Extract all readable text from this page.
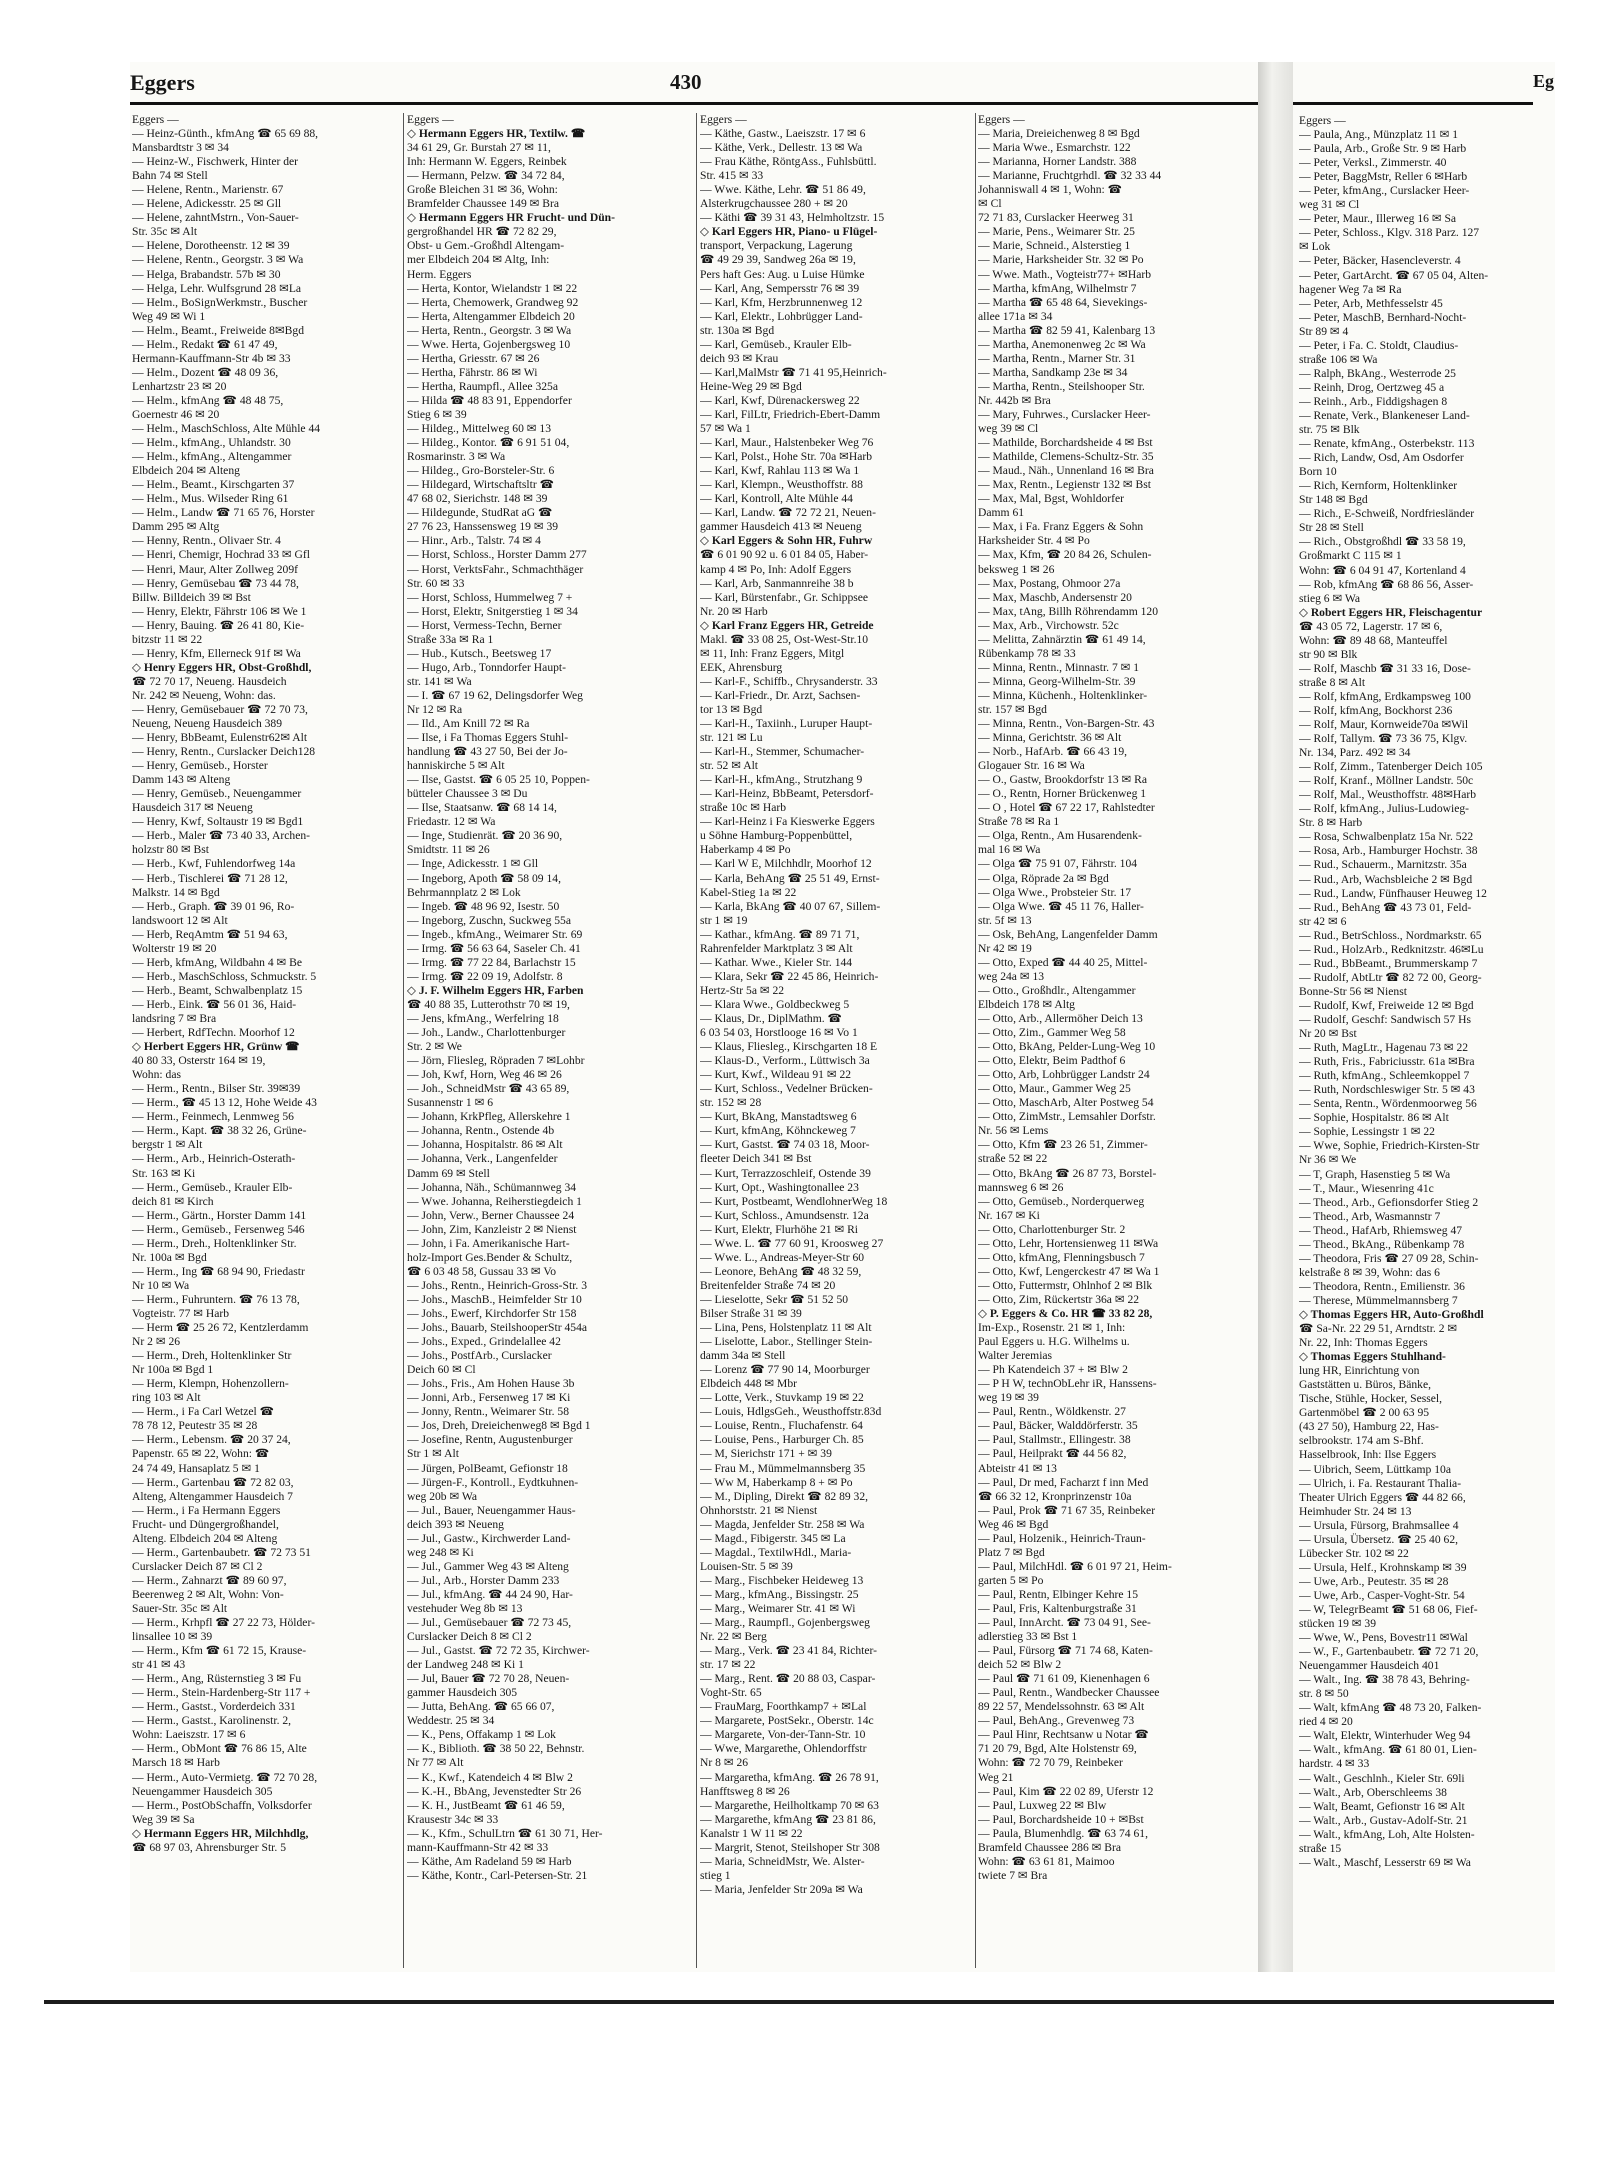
Eggers	430
Eggers —
— Heinz-Günth., kfmAng ☎ 65 69 88,
Mansbardtstr 3 ✉ 34
— Heinz-W., Fischwerk, Hinter der
Bahn 74 ✉ Stell
— Helene, Rentn., Marienstr. 67
— Helene, Adickesstr. 25 ✉ Gll
— Helene, zahntMstrn., Von-Sauer-
Str. 35c ✉ Alt
— Helene, Dorotheenstr. 12 ✉ 39
— Helene, Rentn., Georgstr. 3 ✉ Wa
— Helga, Brabandstr. 57b ✉ 30
— Helga, Lehr. Wulfsgrund 28 ✉La
— Helm., BoSignWerkmstr., Buscher
Weg 49 ✉ Wi 1
— Helm., Beamt., Freiweide 8✉Bgd
— Helm., Redakt ☎ 61 47 49,
Hermann-Kauffmann-Str 4b ✉ 33
— Helm., Dozent ☎ 48 09 36,
Lenhartzstr 23 ✉ 20
— Helm., kfmAng ☎ 48 48 75,
Goernestr 46 ✉ 20
— Helm., MaschSchloss, Alte Mühle 44
— Helm., kfmAng., Uhlandstr. 30
— Helm., kfmAng., Altengammer
Elbdeich 204 ✉ Alteng
— Helm., Beamt., Kirschgarten 37
— Helm., Mus. Wilseder Ring 61
— Helm., Landw ☎ 71 65 76, Horster
Damm 295 ✉ Altg
— Henny, Rentn., Olivaer Str. 4
— Henri, Chemigr, Hochrad 33 ✉ Gfl
— Henri, Maur, Alter Zollweg 209f
— Henry, Gemüsebau ☎ 73 44 78,
Billw. Billdeich 39 ✉ Bst
— Henry, Elektr, Fährstr 106 ✉ We 1
— Henry, Bauing. ☎ 26 41 80, Kie-
bitzstr 11 ✉ 22
— Henry, Kfm, Ellerneck 91f ✉ Wa
◇ Henry Eggers HR, Obst-Großhdl,
☎ 72 70 17, Neueng. Hausdeich
Nr. 242 ✉ Neueng, Wohn: das.
— Henry, Gemüsebauer ☎ 72 70 73,
Neueng, Neueng Hausdeich 389
— Henry, BbBeamt, Eulenstr62✉ Alt
— Henry, Rentn., Curslacker Deich128
— Henry, Gemüseb., Horster
Damm 143 ✉ Alteng
— Henry, Gemüseb., Neuengammer
Hausdeich 317 ✉ Neueng
— Henry, Kwf, Soltaustr 19 ✉ Bgd1
— Herb., Maler ☎ 73 40 33, Archen-
holzstr 80 ✉ Bst
— Herb., Kwf, Fuhlendorfweg 14a
— Herb., Tischlerei ☎ 71 28 12,
Malkstr. 14 ✉ Bgd
— Herb., Graph. ☎ 39 01 96, Ro-
landswoort 12 ✉ Alt
— Herb, ReqAmtm ☎ 51 94 63,
Wolterstr 19 ✉ 20
— Herb, kfmAng, Wildbahn 4 ✉ Be
— Herb., MaschSchloss, Schmuckstr. 5
— Herb., Beamt, Schwalbenplatz 15
— Herb., Eink. ☎ 56 01 36, Haid-
landsring 7 ✉ Bra
— Herbert, RdfTechn. Moorhof 12
◇ Herbert Eggers HR, Grünw ☎
40 80 33, Osterstr 164 ✉ 19,
Wohn: das
— Herm., Rentn., Bilser Str. 39✉39
— Herm., ☎ 45 13 12, Hohe Weide 43
— Herm., Feinmech, Lenmweg 56
— Herm., Kapt. ☎ 38 32 26, Grüne-
bergstr 1 ✉ Alt
— Herm., Arb., Heinrich-Osterath-
Str. 163 ✉ Ki
— Herm., Gemüseb., Krauler Elb-
deich 81 ✉ Kirch
— Herm., Gärtn., Horster Damm 141
— Herm., Gemüseb., Fersenweg 546
— Herm., Dreh., Holtenklinker Str.
Nr. 100a ✉ Bgd
— Herm., Ing ☎ 68 94 90, Friedastr
Nr 10 ✉ Wa
— Herm., Fuhruntern. ☎ 76 13 78,
Vogteistr. 77 ✉ Harb
— Herm ☎ 25 26 72, Kentzlerdamm
Nr 2 ✉ 26
— Herm., Dreh, Holtenklinker Str
Nr 100a ✉ Bgd 1
— Herm, Klempn, Hohenzollern-
ring 103 ✉ Alt
— Herm., i Fa Carl Wetzel ☎
78 78 12, Peutestr 35 ✉ 28
— Herm., Lebensm. ☎ 20 37 24,
Papenstr. 65 ✉ 22, Wohn: ☎
24 74 49, Hansaplatz 5 ✉ 1
— Herm., Gartenbau ☎ 72 82 03,
Alteng, Altengammer Hausdeich 7
— Herm., i Fa Hermann Eggers
Frucht- und Düngergroßhandel,
Alteng. Elbdeich 204 ✉ Alteng
— Herm., Gartenbaubetr. ☎ 72 73 51
Curslacker Deich 87 ✉ Cl 2
— Herm., Zahnarzt ☎ 89 60 97,
Beerenweg 2 ✉ Alt, Wohn: Von-
Sauer-Str. 35c ✉ Alt
— Herm., Krhpfl ☎ 27 22 73, Hölder-
linsallee 10 ✉ 39
— Herm., Kfm ☎ 61 72 15, Krause-
str 41 ✉ 43
— Herm., Ang, Rüsternstieg 3 ✉ Fu
— Herm., Stein-Hardenberg-Str 117 +
— Herm., Gastst., Vorderdeich 331
— Herm., Gastst., Karolinenstr. 2,
Wohn: Laeiszstr. 17 ✉ 6
— Herm., ObMont ☎ 76 86 15, Alte
Marsch 18 ✉ Harb
— Herm., Auto-Vermietg. ☎ 72 70 28,
Neuengammer Hausdeich 305
— Herm., PostObSchaffn, Volksdorfer
Weg 39 ✉ Sa
◇ Hermann Eggers HR, Milchhdlg,
☎ 68 97 03, Ahrensburger Str. 5
Eggers —
◇ Hermann Eggers HR, Textilw. ☎
34 61 29, Gr. Burstah 27 ✉ 11,
Inh: Hermann W. Eggers, Reinbek
— Hermann, Pelzw. ☎ 34 72 84,
Große Bleichen 31 ✉ 36, Wohn:
Bramfelder Chaussee 149 ✉ Bra
◇ Hermann Eggers HR Frucht- und Dün-
gergroßhandel HR ☎ 72 82 29,
Obst- u Gem.-Großhdl Altengam-
mer Elbdeich 204 ✉ Altg, Inh:
Herm. Eggers
— Herta, Kontor, Wielandstr 1 ✉ 22
— Herta, Chemowerk, Grandweg 92
— Herta, Altengammer Elbdeich 20
— Herta, Rentn., Georgstr. 3 ✉ Wa
— Wwe. Herta, Gojenbergsweg 10
— Hertha, Griesstr. 67 ✉ 26
— Hertha, Fährstr. 86 ✉ Wi
— Hertha, Raumpfl., Allee 325a
— Hilda ☎ 48 83 91, Eppendorfer
Stieg 6 ✉ 39
— Hildeg., Mittelweg 60 ✉ 13
— Hildeg., Kontor. ☎ 6 91 51 04,
Rosmarinstr. 3 ✉ Wa
— Hildeg., Gro-Borsteler-Str. 6
— Hildegard, Wirtschaftsltr ☎
47 68 02, Sierichstr. 148 ✉ 39
— Hildegunde, StudRat aG ☎
27 76 23, Hanssensweg 19 ✉ 39
— Hinr., Arb., Talstr. 74 ✉ 4
— Horst, Schloss., Horster Damm 277
— Horst, VerktsFahr., Schmachthäger
Str. 60 ✉ 33
— Horst, Schloss, Hummelweg 7 +
— Horst, Elektr, Snitgerstieg 1 ✉ 34
— Horst, Vermess-Techn, Berner
Straße 33a ✉ Ra 1
— Hub., Kutsch., Beetsweg 17
— Hugo, Arb., Tonndorfer Haupt-
str. 141 ✉ Wa
— I. ☎ 67 19 62, Delingsdorfer Weg
Nr 12 ✉ Ra
— Ild., Am Knill 72 ✉ Ra
— Ilse, i Fa Thomas Eggers Stuhl-
handlung ☎ 43 27 50, Bei der Jo-
hanniskirche 5 ✉ Alt
— Ilse, Gastst. ☎ 6 05 25 10, Poppen-
bütteler Chaussee 3 ✉ Du
— Ilse, Staatsanw. ☎ 68 14 14,
Friedastr. 12 ✉ Wa
— Inge, Studienrät. ☎ 20 36 90,
Smidtstr. 11 ✉ 26
— Inge, Adickesstr. 1 ✉ Gll
— Ingeborg, Apoth ☎ 58 09 14,
Behrmannplatz 2 ✉ Lok
— Ingeb. ☎ 48 96 92, Isestr. 50
— Ingeborg, Zuschn, Suckweg 55a
— Ingeb., kfmAng., Weimarer Str. 69
— Irmg. ☎ 56 63 64, Saseler Ch. 41
— Irmg. ☎ 77 22 84, Barlachstr 15
— Irmg. ☎ 22 09 19, Adolfstr. 8
◇ J. F. Wilhelm Eggers HR, Farben
☎ 40 88 35, Lutterothstr 70 ✉ 19,
— Jens, kfmAng., Werfelring 18
— Joh., Landw., Charlottenburger
Str. 2 ✉ We
— Jörn, Fliesleg, Röpraden 7 ✉Lohbr
— Joh, Kwf, Horn, Weg 46 ✉ 26
— Joh., SchneidMstr ☎ 43 65 89,
Susannenstr 1 ✉ 6
— Johann, KrkPfleg, Allerskehre 1
— Johanna, Rentn., Ostende 4b
— Johanna, Hospitalstr. 86 ✉ Alt
— Johanna, Verk., Langenfelder
Damm 69 ✉ Stell
— Johanna, Näh., Schümannweg 34
— Wwe. Johanna, Reiherstiegdeich 1
— John, Verw., Berner Chaussee 24
— John, Zim, Kanzleistr 2 ✉ Nienst
— John, i Fa. Amerikanische Hart-
holz-Import Ges.Bender & Schultz,
☎ 6 03 48 58, Gussau 33 ✉ Vo
— Johs., Rentn., Heinrich-Gross-Str. 3
— Johs., MaschB., Heimfelder Str 10
— Johs., Ewerf, Kirchdorfer Str 158
— Johs., Bauarb, SteilshooperStr 454a
— Johs., Exped., Grindelallee 42
— Johs., PostfArb., Curslacker
Deich 60 ✉ Cl
— Johs., Fris., Am Hohen Hause 3b
— Jonni, Arb., Fersenweg 17 ✉ Ki
— Jonny, Rentn., Weimarer Str. 58
— Jos, Dreh, Dreieichenweg8 ✉ Bgd 1
— Josefine, Rentn, Augustenburger
Str 1 ✉ Alt
— Jürgen, PolBeamt, Gefionstr 18
— Jürgen-F., Kontroll., Eydtkuhnen-
weg 20b ✉ Wa
— Jul., Bauer, Neuengammer Haus-
deich 393 ✉ Neueng
— Jul., Gastw., Kirchwerder Land-
weg 248 ✉ Ki
— Jul., Gammer Weg 43 ✉ Alteng
— Jul., Arb., Horster Damm 233
— Jul., kfmAng. ☎ 44 24 90, Har-
vestehuder Weg 8b ✉ 13
— Jul., Gemüsebauer ☎ 72 73 45,
Curslacker Deich 8 ✉ Cl 2
— Jul., Gastst. ☎ 72 72 35, Kirchwer-
der Landweg 248 ✉ Ki 1
— Jul, Bauer ☎ 72 70 28, Neuen-
gammer Hausdeich 305
— Jutta, BehAng. ☎ 65 66 07,
Weddestr. 25 ✉ 34
— K., Pens, Offakamp 1 ✉ Lok
— K., Biblioth. ☎ 38 50 22, Behnstr.
Nr 77 ✉ Alt
— K., Kwf., Katendeich 4 ✉ Blw 2
— K.-H., BbAng, Jevenstedter Str 26
— K. H., JustBeamt ☎ 61 46 59,
Krausestr 34c ✉ 33
— K., Kfm., SchulLtrn ☎ 61 30 71, Her-
mann-Kauffmann-Str 42 ✉ 33
— Käthe, Am Radeland 59 ✉ Harb
— Käthe, Kontr., Carl-Petersen-Str. 21
Eggers —
— Käthe, Gastw., Laeiszstr. 17 ✉ 6
— Käthe, Verk., Dellestr. 13 ✉ Wa
— Frau Käthe, RöntgAss., Fuhlsbüttl.
Str. 415 ✉ 33
— Wwe. Käthe, Lehr. ☎ 51 86 49,
Alsterkrugchaussee 280 + ✉ 20
— Käthi ☎ 39 31 43, Helmholtzstr. 15
◇ Karl Eggers HR, Piano- u Flügel-
transport, Verpackung, Lagerung
☎ 49 29 39, Sandweg 26a ✉ 19,
Pers haft Ges: Aug. u Luise Hümke
— Karl, Ang, Sempersstr 76 ✉ 39
— Karl, Kfm, Herzbrunnenweg 12
— Karl, Elektr., Lohbrügger Land-
str. 130a ✉ Bgd
— Karl, Gemüseb., Krauler Elb-
deich 93 ✉ Krau
— Karl,MalMstr ☎ 71 41 95,Heinrich-
Heine-Weg 29 ✉ Bgd
— Karl, Kwf, Dürenackersweg 22
— Karl, FilLtr, Friedrich-Ebert-Damm
57 ✉ Wa 1
— Karl, Maur., Halstenbeker Weg 76
— Karl, Polst., Hohe Str. 70a ✉Harb
— Karl, Kwf, Rahlau 113 ✉ Wa 1
— Karl, Klempn., Weusthoffstr. 88
— Karl, Kontroll, Alte Mühle 44
— Karl, Landw. ☎ 72 72 21, Neuen-
gammer Hausdeich 413 ✉ Neueng
◇ Karl Eggers & Sohn HR, Fuhrw
☎ 6 01 90 92 u. 6 01 84 05, Haber-
kamp 4 ✉ Po, Inh: Adolf Eggers
— Karl, Arb, Sanmannreihe 38 b
— Karl, Bürstenfabr., Gr. Schippsee
Nr. 20 ✉ Harb
◇ Karl Franz Eggers HR, Getreide
Makl. ☎ 33 08 25, Ost-West-Str.10
✉ 11, Inh: Franz Eggers, Mitgl
EEK, Ahrensburg
— Karl-F., Schiffb., Chrysanderstr. 33
— Karl-Friedr., Dr. Arzt, Sachsen-
tor 13 ✉ Bgd
— Karl-H., Taxiinh., Luruper Haupt-
str. 121 ✉ Lu
— Karl-H., Stemmer, Schumacher-
str. 52 ✉ Alt
— Karl-H., kfmAng., Strutzhang 9
— Karl-Heinz, BbBeamt, Petersdorf-
straße 10c ✉ Harb
— Karl-Heinz i Fa Kieswerke Eggers
u Söhne Hamburg-Poppenbüttel,
Haberkamp 4 ✉ Po
— Karl W E, Milchhdlr, Moorhof 12
— Karla, BehAng ☎ 25 51 49, Ernst-
Kabel-Stieg 1a ✉ 22
— Karla, BkAng ☎ 40 07 67, Sillem-
str 1 ✉ 19
— Kathar., kfmAng. ☎ 89 71 71,
Rahrenfelder Marktplatz 3 ✉ Alt
— Kathar. Wwe., Kieler Str. 144
— Klara, Sekr ☎ 22 45 86, Heinrich-
Hertz-Str 5a ✉ 22
— Klara Wwe., Goldbeckweg 5
— Klaus, Dr., DiplMathm. ☎
6 03 54 03, Horstlooge 16 ✉ Vo 1
— Klaus, Fliesleg., Kirschgarten 18 E
— Klaus-D., Verform., Lüttwisch 3a
— Kurt, Kwf., Wildeau 91 ✉ 22
— Kurt, Schloss., Vedelner Brücken-
str. 152 ✉ 28
— Kurt, BkAng, Manstadtsweg 6
— Kurt, kfmAng, Köhnckeweg 7
— Kurt, Gastst. ☎ 74 03 18, Moor-
fleeter Deich 341 ✉ Bst
— Kurt, Terrazzoschleif, Ostende 39
— Kurt, Opt., Washingtonallee 23
— Kurt, Postbeamt, WendlohnerWeg 18
— Kurt, Schloss., Amundsenstr. 12a
— Kurt, Elektr, Flurhöhe 21 ✉ Ri
— Wwe. L. ☎ 77 60 91, Kroosweg 27
— Wwe. L., Andreas-Meyer-Str 60
— Leonore, BehAng ☎ 48 32 59,
Breitenfelder Straße 74 ✉ 20
— Lieselotte, Sekr ☎ 51 52 50
Bilser Straße 31 ✉ 39
— Lina, Pens, Holstenplatz 11 ✉ Alt
— Liselotte, Labor., Stellinger Stein-
damm 34a ✉ Stell
— Lorenz ☎ 77 90 14, Moorburger
Elbdeich 448 ✉ Mbr
— Lotte, Verk., Stuvkamp 19 ✉ 22
— Louis, HdlgsGeh., Weusthoffstr.83d
— Louise, Rentn., Fluchafenstr. 64
— Louise, Pens., Harburger Ch. 85
— M, Sierichstr 171 + ✉ 39
— Frau M., Mümmelmannsberg 35
— Ww M, Haberkamp 8 + ✉ Po
— M., Dipling, Direkt ☎ 82 89 32,
Ohnhorststr. 21 ✉ Nienst
— Magda, Jenfelder Str. 258 ✉ Wa
— Magd., Fibigerstr. 345 ✉ La
— Magdal., TextilwHdl., Maria-
Louisen-Str. 5 ✉ 39
— Marg., Fischbeker Heideweg 13
— Marg., kfmAng., Bissingstr. 25
— Marg., Weimarer Str. 41 ✉ Wi
— Marg., Raumpfl., Gojenbergsweg
Nr. 22 ✉ Berg
— Marg., Verk. ☎ 23 41 84, Richter-
str. 17 ✉ 22
— Marg., Rent. ☎ 20 88 03, Caspar-
Voght-Str. 65
— FrauMarg, Foorthkamp7 + ✉Lal
— Margarete, PostSekr., Oberstr. 14c
— Margarete, Von-der-Tann-Str. 10
— Wwe, Margarethe, Ohlendorffstr
Nr 8 ✉ 26
— Margaretha, kfmAng. ☎ 26 78 91,
Hanfftsweg 8 ✉ 26
— Margarethe, Heilholtkamp 70 ✉ 63
— Margarethe, kfmAng ☎ 23 81 86,
Kanalstr 1 W 11 ✉ 22
— Margrit, Stenot, Steilshoper Str 308
— Maria, SchneidMstr, We. Alster-
stieg 1
— Maria, Jenfelder Str 209a ✉ Wa
Eggers —
— Maria, Dreieichenweg 8 ✉ Bgd
— Maria Wwe., Esmarchstr. 122
— Marianna, Horner Landstr. 388
— Marianne, Fruchtgrhdl. ☎ 32 33 44
Johanniswall 4 ✉ 1, Wohn: ☎
✉ Cl
72 71 83, Curslacker Heerweg 31
— Marie, Pens., Weimarer Str. 25
— Marie, Schneid., Alsterstieg 1
— Marie, Harksheider Str. 32 ✉ Po
— Wwe. Math., Vogteistr77+ ✉Harb
— Martha, kfmAng, Wilhelmstr 7
— Martha ☎ 65 48 64, Sievekings-
allee 171a ✉ 34
— Martha ☎ 82 59 41, Kalenbarg 13
— Martha, Anemonenweg 2c ✉ Wa
— Martha, Rentn., Marner Str. 31
— Martha, Sandkamp 23e ✉ 34
— Martha, Rentn., Steilshooper Str.
Nr. 442b ✉ Bra
— Mary, Fuhrwes., Curslacker Heer-
weg 39 ✉ Cl
— Mathilde, Borchardsheide 4 ✉ Bst
— Mathilde, Clemens-Schultz-Str. 35
— Maud., Näh., Unnenland 16 ✉ Bra
— Max, Rentn., Legienstr 132 ✉ Bst
— Max, Mal, Bgst, Wohldorfer
Damm 61
— Max, i Fa. Franz Eggers & Sohn
Harksheider Str. 4 ✉ Po
— Max, Kfm, ☎ 20 84 26, Schulen-
beksweg 1 ✉ 26
— Max, Postang, Ohmoor 27a
— Max, Maschb, Andersenstr 20
— Max, tAng, Billh Röhrendamm 120
— Max, Arb., Virchowstr. 52c
— Melitta, Zahnärztin ☎ 61 49 14,
Rübenkamp 78 ✉ 33
— Minna, Rentn., Minnastr. 7 ✉ 1
— Minna, Georg-Wilhelm-Str. 39
— Minna, Küchenh., Holtenklinker-
str. 157 ✉ Bgd
— Minna, Rentn., Von-Bargen-Str. 43
— Minna, Gerichtstr. 36 ✉ Alt
— Norb., HafArb. ☎ 66 43 19,
Glogauer Str. 16 ✉ Wa
— O., Gastw, Brookdorfstr 13 ✉ Ra
— O., Rentn, Horner Brückenweg 1
— O , Hotel ☎ 67 22 17, Rahlstedter
Straße 78 ✉ Ra 1
— Olga, Rentn., Am Husarendenk-
mal 16 ✉ Wa
— Olga ☎ 75 91 07, Fährstr. 104
— Olga, Röprade 2a ✉ Bgd
— Olga Wwe., Probsteier Str. 17
— Olga Wwe. ☎ 45 11 76, Haller-
str. 5f ✉ 13
— Osk, BehAng, Langenfelder Damm
Nr 42 ✉ 19
— Otto, Exped ☎ 44 40 25, Mittel-
weg 24a ✉ 13
— Otto., Großhdlr., Altengammer
Elbdeich 178 ✉ Altg
— Otto, Arb., Allermöher Deich 13
— Otto, Zim., Gammer Weg 58
— Otto, BkAng, Pelder-Lung-Weg 10
— Otto, Elektr, Beim Padthof 6
— Otto, Arb, Lohbrügger Landstr 24
— Otto, Maur., Gammer Weg 25
— Otto, MaschArb, Alter Postweg 54
— Otto, ZimMstr., Lemsahler Dorfstr.
Nr. 56 ✉ Lems
— Otto, Kfm ☎ 23 26 51, Zimmer-
straße 52 ✉ 22
— Otto, BkAng ☎ 26 87 73, Borstel-
mannsweg 6 ✉ 26
— Otto, Gemüseb., Norderquerweg
Nr. 167 ✉ Ki
— Otto, Charlottenburger Str. 2
— Otto, Lehr, Hortensienweg 11 ✉Wa
— Otto, kfmAng, Flenningsbusch 7
— Otto, Kwf, Lengerckestr 47 ✉ Wa 1
— Otto, Futtermstr, Ohlnhof 2 ✉ Blk
— Otto, Zim, Rückertstr 36a ✉ 22
◇ P. Eggers & Co. HR ☎ 33 82 28,
Im-Exp., Rosenstr. 21 ✉ 1, Inh:
Paul Eggers u. H.G. Wilhelms u.
Walter Jeremias
— Ph Katendeich 37 + ✉ Blw 2
— P H W, technObLehr iR, Hanssens-
weg 19 ✉ 39
— Paul, Rentn., Wöldkenstr. 27
— Paul, Bäcker, Walddörferstr. 35
— Paul, Stallmstr., Ellingestr. 38
— Paul, Heilprakt ☎ 44 56 82,
Abteistr 41 ✉ 13
— Paul, Dr med, Facharzt f inn Med
☎ 66 32 12, Kronprinzenstr 10a
— Paul, Prok ☎ 71 67 35, Reinbeker
Weg 46 ✉ Bgd
— Paul, Holzenik., Heinrich-Traun-
Platz 7 ✉ Bgd
— Paul, MilchHdl. ☎ 6 01 97 21, Heim-
garten 5 ✉ Po
— Paul, Rentn, Elbinger Kehre 15
— Paul, Fris, Kaltenburgstraße 31
— Paul, InnArcht. ☎ 73 04 91, See-
adlerstieg 33 ✉ Bst 1
— Paul, Fürsorg ☎ 71 74 68, Katen-
deich 52 ✉ Blw 2
— Paul ☎ 71 61 09, Kienenhagen 6
— Paul, Rentn., Wandbecker Chaussee
89 22 57, Mendelssohnstr. 63 ✉ Alt
— Paul, BehAng., Grevenweg 73
— Paul Hinr, Rechtsanw u Notar ☎
71 20 79, Bgd, Alte Holstenstr 69,
Wohn: ☎ 72 70 79, Reinbeker
Weg 21
— Paul, Kim ☎ 22 02 89, Uferstr 12
— Paul, Luxweg 22 ✉ Blw
— Paul, Borchardsheide 10 + ✉Bst
— Paula, Blumenhdlg. ☎ 63 74 61,
Bramfeld Chaussee 286 ✉ Bra
Wohn: ☎ 63 61 81, Maimoo
twiete 7 ✉ Bra
Eggers —
— Paula, Ang., Münzplatz 11 ✉ 1
— Paula, Arb., Große Str. 9 ✉ Harb
— Peter, Verksl., Zimmerstr. 40
— Peter, BaggMstr, Reller 6 ✉Harb
— Peter, kfmAng., Curslacker Heer-
weg 31 ✉ Cl
— Peter, Maur., Illerweg 16 ✉ Sa
— Peter, Schloss., Klgv. 318 Parz. 127
✉ Lok
— Peter, Bäcker, Hasencleverstr. 4
— Peter, GartArcht. ☎ 67 05 04, Alten-
hagener Weg 7a ✉ Ra
— Peter, Arb, Methfesselstr 45
— Peter, MaschB, Bernhard-Nocht-
Str 89 ✉ 4
— Peter, i Fa. C. Stoldt, Claudius-
straße 106 ✉ Wa
— Ralph, BkAng., Westerrode 25
— Reinh, Drog, Oertzweg 45 a
— Reinh., Arb., Fiddigshagen 8
— Renate, Verk., Blankeneser Land-
str. 75 ✉ Blk
— Renate, kfmAng., Osterbekstr. 113
— Rich, Landw, Osd, Am Osdorfer
Born 10
— Rich, Kernform, Holtenklinker
Str 148 ✉ Bgd
— Rich., E-Schweiß, Nordfriesländer
Str 28 ✉ Stell
— Rich., Obstgroßhdl ☎ 33 58 19,
Großmarkt C 115 ✉ 1
Wohn: ☎ 6 04 91 47, Kortenland 4
— Rob, kfmAng ☎ 68 86 56, Asser-
stieg 6 ✉ Wa
◇ Robert Eggers HR, Fleischagentur
☎ 43 05 72, Lagerstr. 17 ✉ 6,
Wohn: ☎ 89 48 68, Manteuffel
str 90 ✉ Blk
— Rolf, Maschb ☎ 31 33 16, Dose-
straße 8 ✉ Alt
— Rolf, kfmAng, Erdkampsweg 100
— Rolf, kfmAng, Bockhorst 236
— Rolf, Maur, Kornweide70a ✉Wil
— Rolf, Tallym. ☎ 73 36 75, Klgv.
Nr. 134, Parz. 492 ✉ 34
— Rolf, Zimm., Tatenberger Deich 105
— Rolf, Kranf., Möllner Landstr. 50c
— Rolf, Mal., Weusthoffstr. 48✉Harb
— Rolf, kfmAng., Julius-Ludowieg-
Str. 8 ✉ Harb
— Rosa, Schwalbenplatz 15a Nr. 522
— Rosa, Arb., Hamburger Hochstr. 38
— Rud., Schauerm., Marnitzstr. 35a
— Rud., Arb, Wachsbleiche 2 ✉ Bgd
— Rud., Landw, Fünfhauser Heuweg 12
— Rud., BehAng ☎ 43 73 01, Feld-
str 42 ✉ 6
— Rud., BetrSchloss., Nordmarkstr. 65
— Rud., HolzArb., Redknitzstr. 46✉Lu
— Rud., BbBeamt., Brummerskamp 7
— Rudolf, AbtLtr ☎ 82 72 00, Georg-
Bonne-Str 56 ✉ Nienst
— Rudolf, Kwf, Freiweide 12 ✉ Bgd
— Rudolf, Geschf: Sandwisch 57 Hs
Nr 20 ✉ Bst
— Ruth, MagLtr., Hagenau 73 ✉ 22
— Ruth, Fris., Fabriciusstr. 61a ✉Bra
— Ruth, kfmAng., Schleemkoppel 7
— Ruth, Nordschleswiger Str. 5 ✉ 43
— Senta, Rentn., Wördenmoorweg 56
— Sophie, Hospitalstr. 86 ✉ Alt
— Sophie, Lessingstr 1 ✉ 22
— Wwe, Sophie, Friedrich-Kirsten-Str
Nr 36 ✉ We
— T, Graph, Hasenstieg 5 ✉ Wa
— T., Maur., Wiesenring 41c
— Theod., Arb., Gefionsdorfer Stieg 2
— Theod., Arb, Wasmannstr 7
— Theod., HafArb, Rhiemsweg 47
— Theod., BkAng., Rübenkamp 78
— Theodora, Fris ☎ 27 09 28, Schin-
kelstraße 8 ✉ 39, Wohn: das 6
— Theodora, Rentn., Emilienstr. 36
— Therese, Mümmelmannsberg 7
◇ Thomas Eggers HR, Auto-Großhdl
☎ Sa-Nr. 22 29 51, Arndtstr. 2 ✉
Nr. 22, Inh: Thomas Eggers
◇ Thomas Eggers Stuhlhand-
lung HR, Einrichtung von
Gaststätten u. Büros, Bänke,
Tische, Stühle, Hocker, Sessel,
Gartenmöbel ☎ 2 00 63 95
(43 27 50), Hamburg 22, Has-
selbrookstr. 174 am S-Bhf.
Hasselbrook, Inh: Ilse Eggers
— Uibrich, Seem, Lüttkamp 10a
— Ulrich, i. Fa. Restaurant Thalia-
Theater Ulrich Eggers ☎ 44 82 66,
Heimhuder Str. 24 ✉ 13
— Ursula, Fürsorg, Brahmsallee 4
— Ursula, Übersetz. ☎ 25 40 62,
Lübecker Str. 102 ✉ 22
— Ursula, Helf., Krohnskamp ✉ 39
— Uwe, Arb., Peutestr. 35 ✉ 28
— Uwe, Arb., Casper-Voght-Str. 54
— W, TelegrBeamt ☎ 51 68 06, Fief-
stücken 19 ✉ 39
— Wwe, W., Pens, Bovestr11 ✉Wal
— W., F., Gartenbaubetr. ☎ 72 71 20,
Neuengammer Hausdeich 401
— Walt., Ing. ☎ 38 78 43, Behring-
str. 8 ✉ 50
— Walt, kfmAng ☎ 48 73 20, Falken-
ried 4 ✉ 20
— Walt, Elektr, Winterhuder Weg 94
— Walt., kfmAng. ☎ 61 80 01, Lien-
hardstr. 4 ✉ 33
— Walt., Geschlnh., Kieler Str. 69li
— Walt., Arb, Oberschleems 38
— Walt, Beamt, Gefionstr 16 ✉ Alt
— Walt., Arb., Gustav-Adolf-Str. 21
— Walt., kfmAng, Loh, Alte Holsten-
straße 15
— Walt., Maschf, Lesserstr 69 ✉ Wa
Eg
